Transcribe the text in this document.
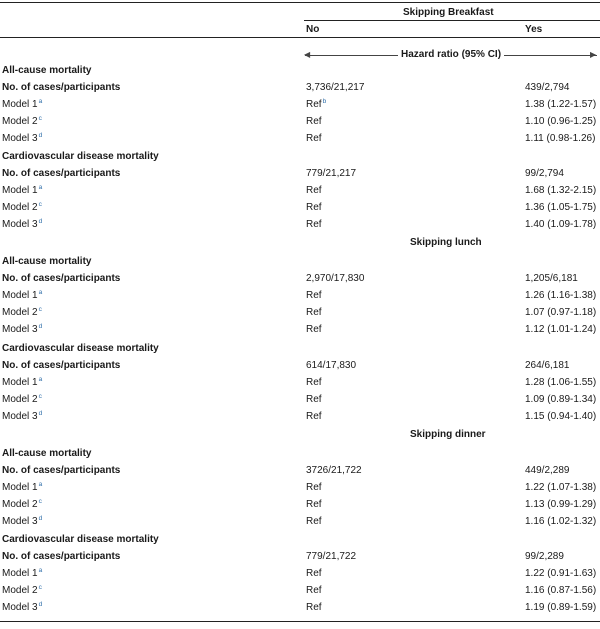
Skipping Breakfast
No	Yes
◀	▶
Hazard ratio (95% CI)
All-cause mortality
No. of cases/participants	3,736/21,217	439/2,794
Model 1$^a$	Ref$^b$	1.38 (1.22-1.57)
Model 2$^c$	Ref	1.10 (0.96-1.25)
Model 3$^d$	Ref	1.11 (0.98-1.26)
Cardiovascular disease mortality
No. of cases/participants	779/21,217	99/2,794
Model 1$^a$	Ref	1.68 (1.32-2.15)
Model 2$^c$	Ref	1.36 (1.05-1.75)
Model 3$^d$	Ref	1.40 (1.09-1.78)
Skipping lunch
All-cause mortality
No. of cases/participants	2,970/17,830	1,205/6,181
Model 1$^a$	Ref	1.26 (1.16-1.38)
Model 2$^c$	Ref	1.07 (0.97-1.18)
Model 3$^d$	Ref	1.12 (1.01-1.24)
Cardiovascular disease mortality
No. of cases/participants	614/17,830	264/6,181
Model 1$^a$	Ref	1.28 (1.06-1.55)
Model 2$^c$	Ref	1.09 (0.89-1.34)
Model 3$^d$	Ref	1.15 (0.94-1.40)
Skipping dinner
All-cause mortality
No. of cases/participants	3726/21,722	449/2,289
Model 1$^a$	Ref	1.22 (1.07-1.38)
Model 2$^c$	Ref	1.13 (0.99-1.29)
Model 3$^d$	Ref	1.16 (1.02-1.32)
Cardiovascular disease mortality
No. of cases/participants	779/21,722	99/2,289
Model 1$^a$	Ref	1.22 (0.91-1.63)
Model 2$^c$	Ref	1.16 (0.87-1.56)
Model 3$^d$	Ref	1.19 (0.89-1.59)
